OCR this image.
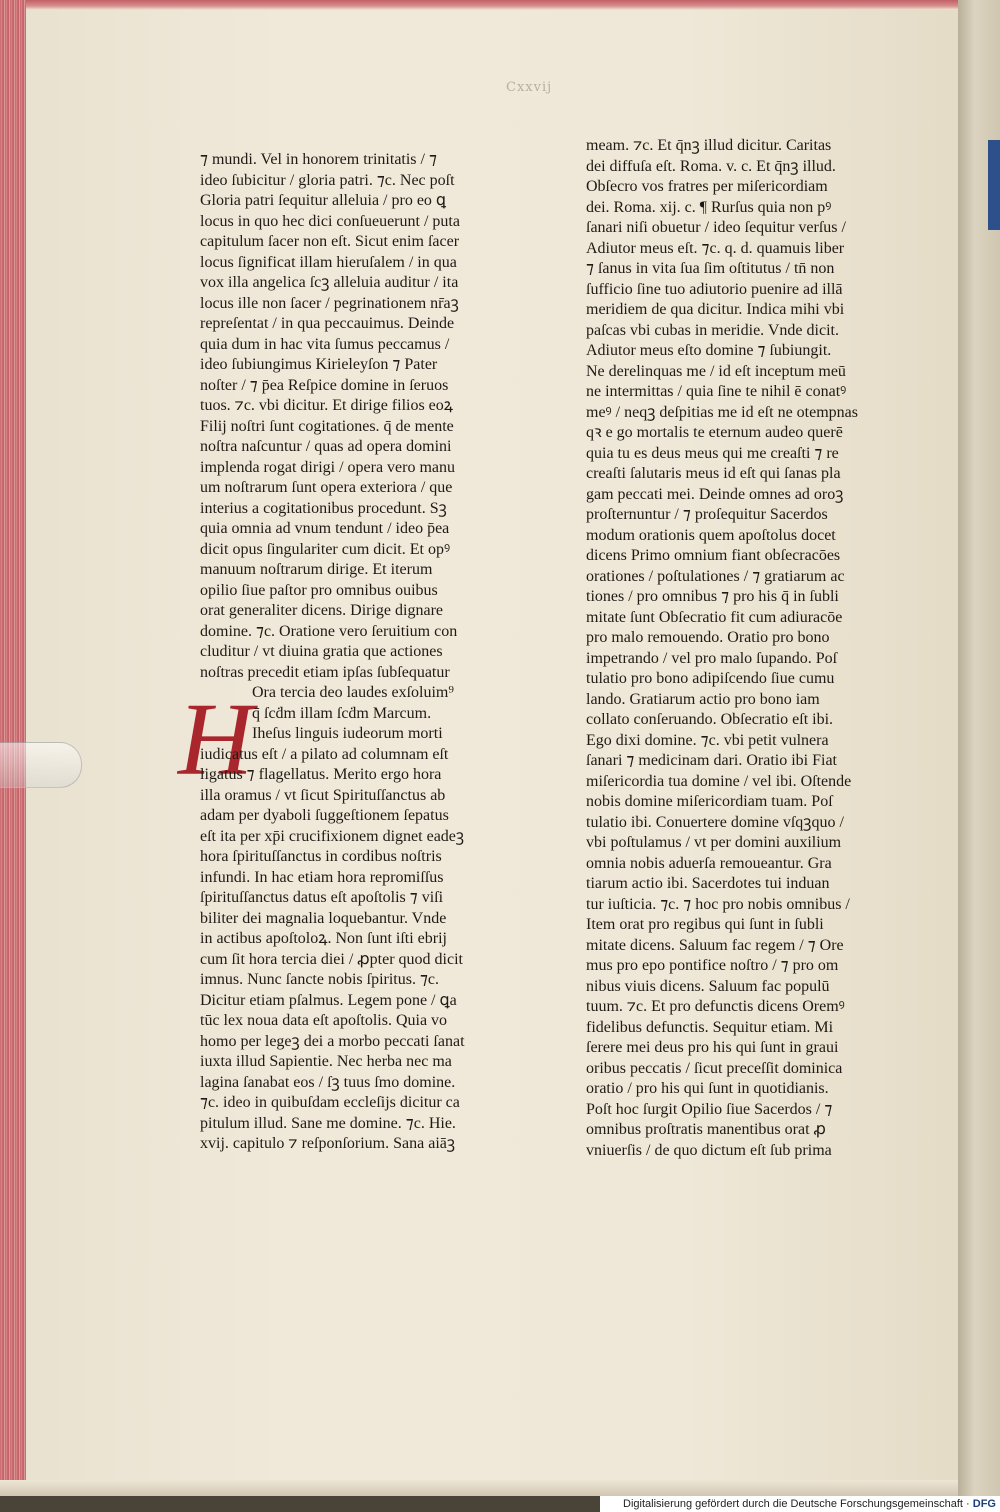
Cxxvij
H
⁊ mundi. Vel in honorem trinitatis / ⁊
ideo ſubicitur / gloria patri. ⁊c. Nec poſt
Gloria patri ſequitur alleluia / pro eo ꝗ
locus in quo hec dici conſueuerunt / puta
capitulum ſacer non eſt. Sicut enim ſacer
locus ſignificat illam hieruſalem / in qua
vox illa angelica ſcꝫ alleluia auditur / ita
locus ille non ſacer / pegrinationem nr̄aꝫ
repreſentat / in qua peccauimus. Deinde
quia dum in hac vita ſumus peccamus /
ideo ſubiungimus Kirieleyſon ⁊ Pater
noſter / ⁊ p̄ea Reſpice domine in ſeruos
tuos. ⁊c. vbi dicitur. Et dirige filios eoꝝ
Filij noſtri ſunt cogitationes. q̄ de mente
noſtra naſcuntur / quas ad opera domini
implenda rogat dirigi / opera vero manu
um noſtrarum ſunt opera exteriora / que
interius a cogitationibus procedunt. Sꝫ
quia omnia ad vnum tendunt / ideo p̄ea
dicit opus ſingulariter cum dicit. Et opꝰ
manuum noſtrarum dirige. Et iterum
opilio ſiue paſtor pro omnibus ouibus
orat generaliter dicens. Dirige dignare
domine. ⁊c. Oratione vero ſeruitium con
cluditur / vt diuina gratia que actiones
noſtras precedit etiam ipſas ſubſequatur
Ora tercia deo laudes exſoluim⁹
q̄ ſcḋm illam ſcḋm Marcum.
Iheſus linguis iudeorum morti
iudicatus eſt / a pilato ad columnam eſt
ligatus ⁊ flagellatus. Merito ergo hora
illa oramus / vt ſicut Spirituſſanctus ab
adam per dyaboli ſuggeſtionem ſepatus
eſt ita per xp̄i crucifixionem dignet eadeꝫ
hora ſpirituſſanctus in cordibus noſtris
infundi. In hac etiam hora repromiſſus
ſpirituſſanctus datus eſt apoſtolis ⁊ viſi
biliter dei magnalia loquebantur. Vnde
in actibus apoſtoloꝝ. Non ſunt iſti ebrij
cum ſit hora tercia diei / ꝓpter quod dicit
imnus. Nunc ſancte nobis ſpiritus. ⁊c.
Dicitur etiam pſalmus. Legem pone / ꝗa
tūc lex noua data eſt apoſtolis. Quia vo
homo per legeꝫ dei a morbo peccati ſanat
iuxta illud Sapientie. Nec herba nec ma
lagina ſanabat eos / ſꝫ tuus ſmo domine.
⁊c. ideo in quibuſdam eccleſijs dicitur ca
pitulum illud. Sane me domine. ⁊c. Hie.
xvij. capitulo ⁊ reſponſorium. Sana aiāꝫ
meam. ⁊c. Et q̄nꝫ illud dicitur. Caritas
dei diffuſa eſt. Roma. v. c. Et q̄nꝫ illud.
Obſecro vos fratres per miſericordiam
dei. Roma. xij. c. ¶ Rurſus quia non pꝰ
ſanari niſi obuetur / ideo ſequitur verſus /
Adiutor meus eſt. ⁊c. q. d. quamuis liber
⁊ ſanus in vita ſua ſim oſtitutus / tn̄ non
ſufficio ſine tuo adiutorio puenire ad illā
meridiem de qua dicitur. Indica mihi vbi
paſcas vbi cubas in meridie. Vnde dicit.
Adiutor meus eſto domine ⁊ ſubiungit.
Ne derelinquas me / id eſt inceptum meū
ne intermittas / quia ſine te nihil ē conatꝰ
meꝰ / neqꝫ deſpitias me id eſt ne otempnas
qꝛ e go mortalis te eternum audeo querē
quia tu es deus meus qui me creaſti ⁊ re
creaſti ſalutaris meus id eſt qui ſanas pla
gam peccati mei. Deinde omnes ad oroꝫ
proſternuntur / ⁊ proſequitur Sacerdos
modum orationis quem apoſtolus docet
dicens Primo omnium fiant obſecracōes
orationes / poſtulationes / ⁊ gratiarum ac
tiones / pro omnibus ⁊ pro his q̄ in ſubli
mitate ſunt Obſecratio fit cum adiuracōe
pro malo remouendo. Oratio pro bono
impetrando / vel pro malo ſupando. Poſ
tulatio pro bono adipiſcendo ſiue cumu
lando. Gratiarum actio pro bono iam
collato conſeruando. Obſecratio eſt ibi.
Ego dixi domine. ⁊c. vbi petit vulnera
ſanari ⁊ medicinam dari. Oratio ibi Fiat
miſericordia tua domine / vel ibi. Oſtende
nobis domine miſericordiam tuam. Poſ
tulatio ibi. Conuertere domine vſqꝫquo /
vbi poſtulamus / vt per domini auxilium
omnia nobis aduerſa remoueantur. Gra
tiarum actio ibi. Sacerdotes tui induan
tur iuſticia. ⁊c. ⁊ hoc pro nobis omnibus /
Item orat pro regibus qui ſunt in ſubli
mitate dicens. Saluum fac regem / ⁊ Ore
mus pro epo pontifice noſtro / ⁊ pro om
nibus viuis dicens. Saluum fac populū
tuum. ⁊c. Et pro defunctis dicens Oremꝰ
fidelibus defunctis. Sequitur etiam. Mi
ſerere mei deus pro his qui ſunt in graui
oribus peccatis / ſicut preceſſit dominica
oratio / pro his qui ſunt in quotidianis.
Poſt hoc ſurgit Opilio ſiue Sacerdos / ⁊
omnibus proſtratis manentibus orat ꝓ
vniuerſis / de quo dictum eſt ſub prima
Digitalisierung gefördert durch die Deutsche Forschungsgemeinschaft · DFG
